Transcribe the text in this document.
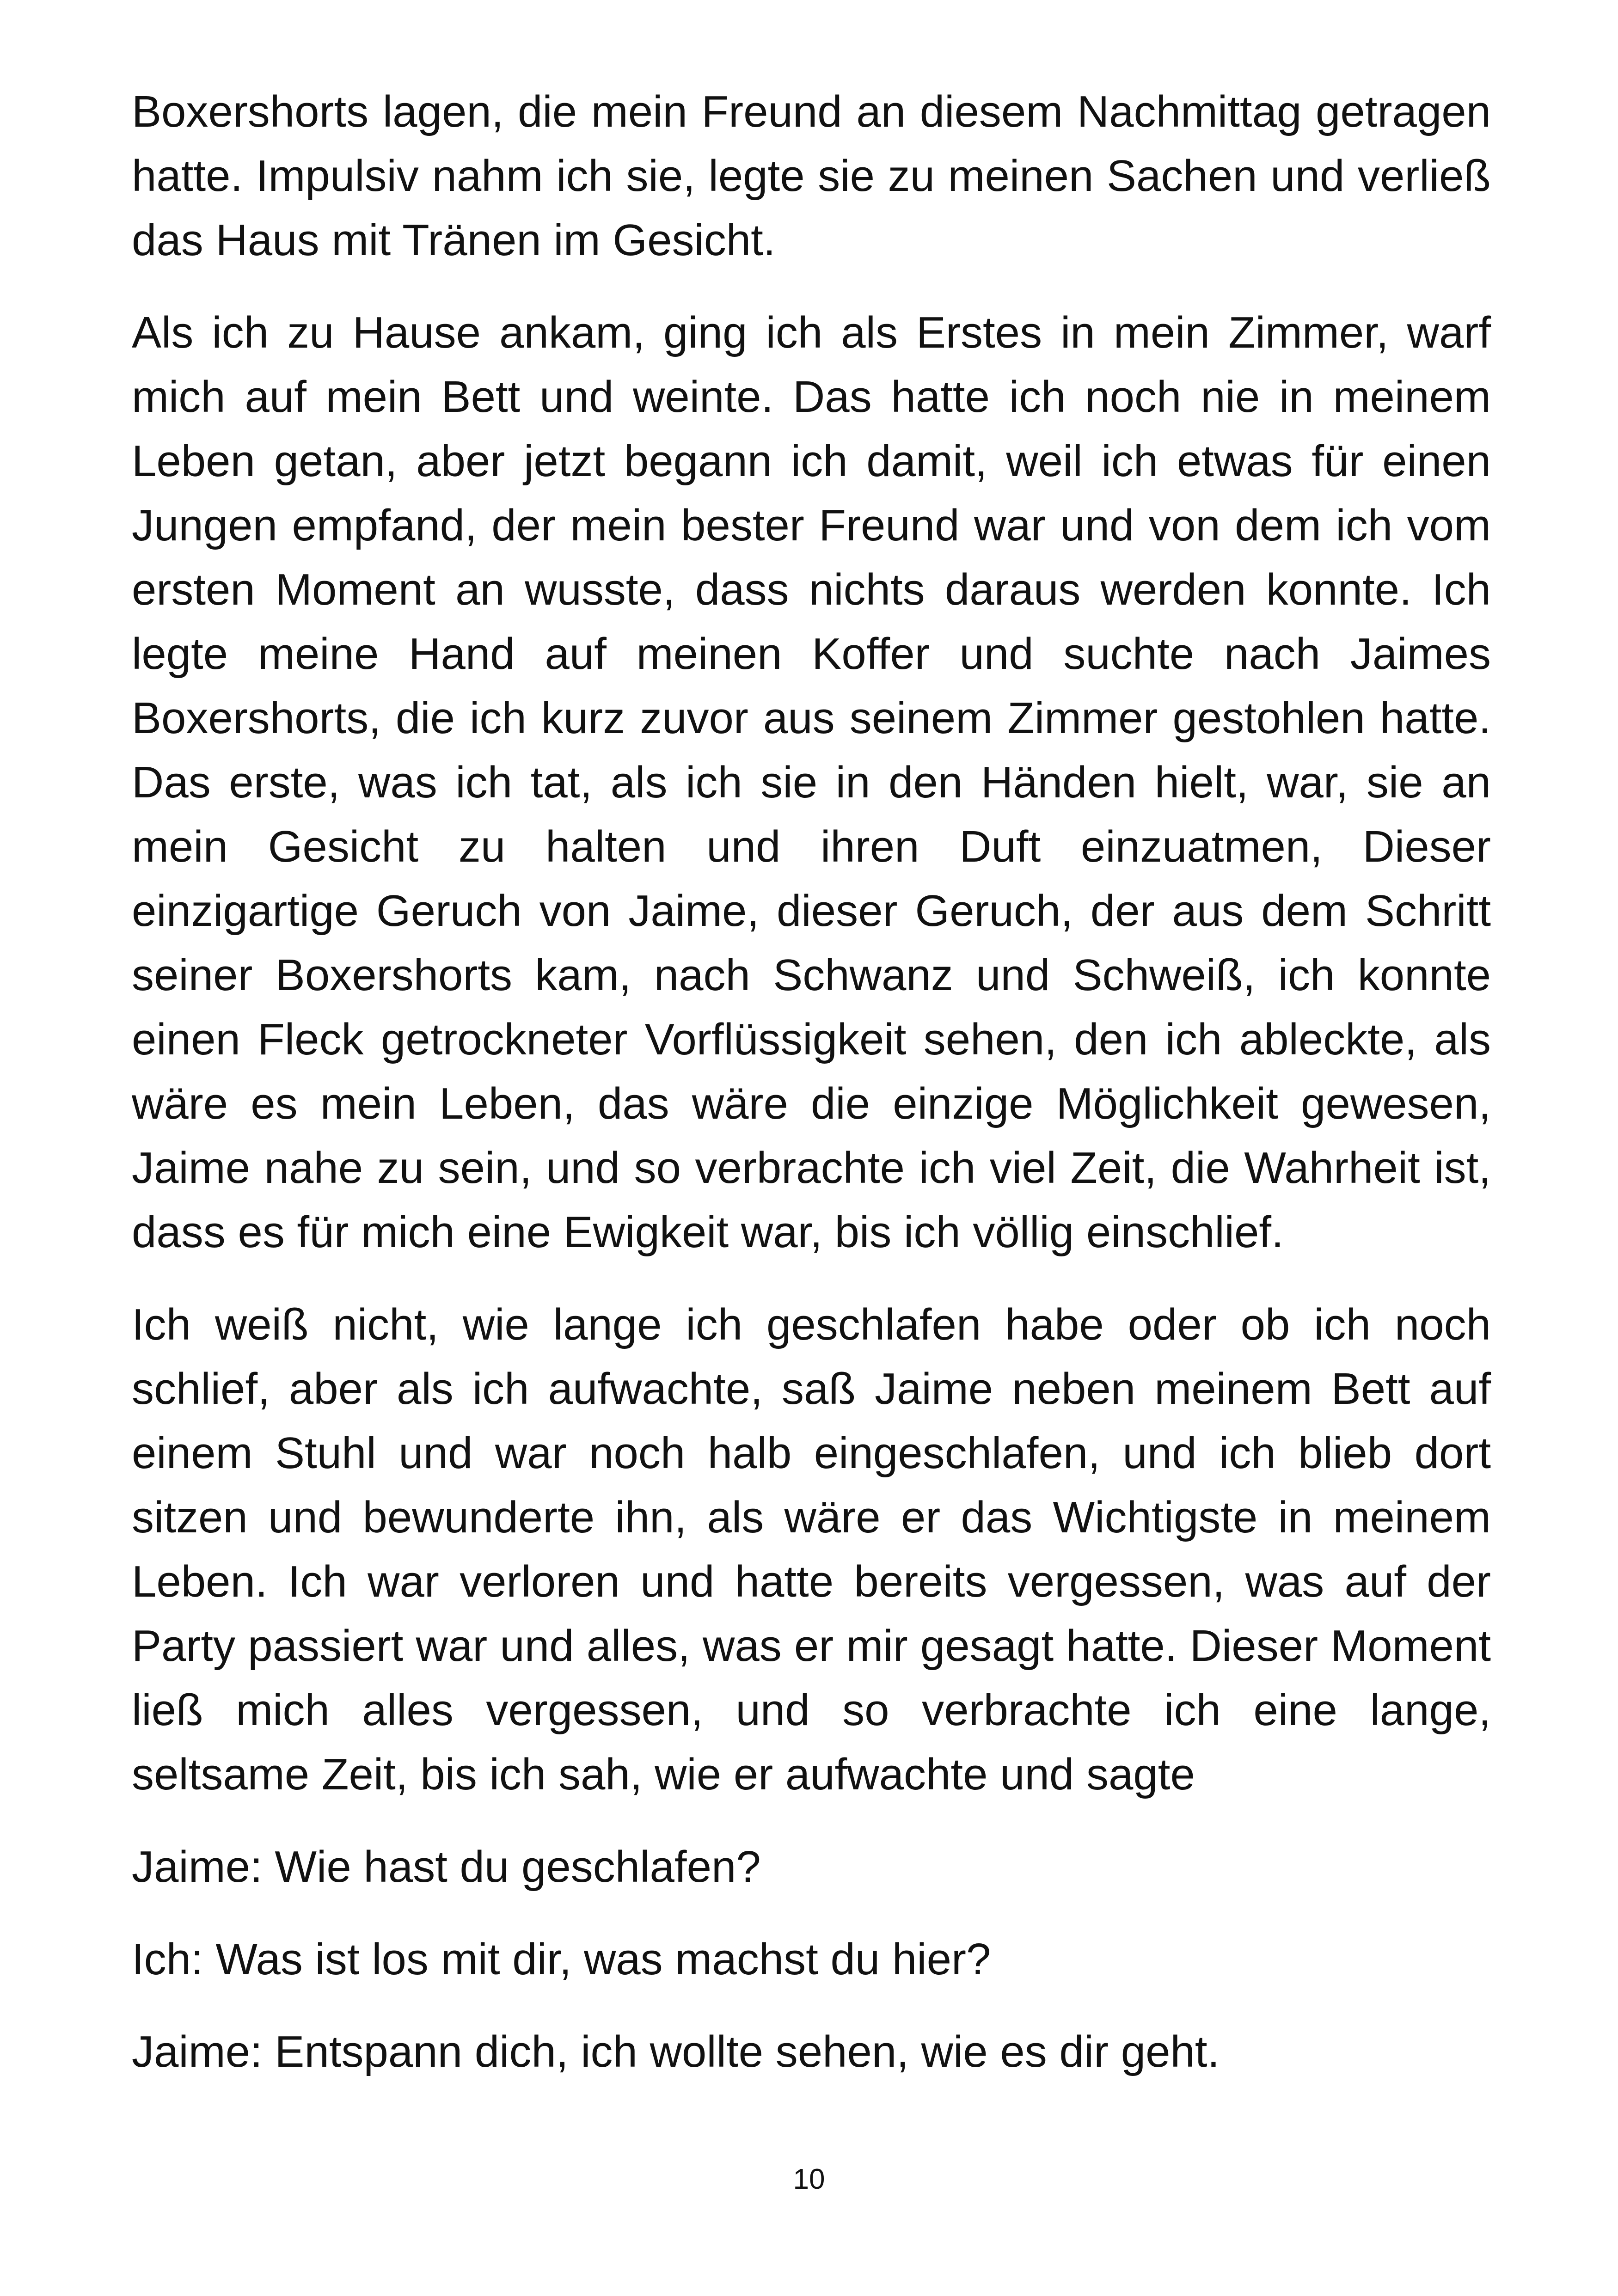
Boxershorts lagen, die mein Freund an diesem Nachmittag getragen hatte. Impulsiv nahm ich sie, legte sie zu meinen Sachen und verließ das Haus mit Tränen im Gesicht.

Als ich zu Hause ankam, ging ich als Erstes in mein Zimmer, warf mich auf mein Bett und weinte. Das hatte ich noch nie in meinem Leben getan, aber jetzt begann ich damit, weil ich etwas für einen Jungen empfand, der mein bester Freund war und von dem ich vom ersten Moment an wusste, dass nichts daraus werden konnte. Ich legte meine Hand auf meinen Koffer und suchte nach Jaimes Boxershorts, die ich kurz zuvor aus seinem Zimmer gestohlen hatte. Das erste, was ich tat, als ich sie in den Händen hielt, war, sie an mein Gesicht zu halten und ihren Duft einzuatmen, Dieser einzigartige Geruch von Jaime, dieser Geruch, der aus dem Schritt seiner Boxershorts kam, nach Schwanz und Schweiß, ich konnte einen Fleck getrockneter Vorflüssigkeit sehen, den ich ableckte, als wäre es mein Leben, das wäre die einzige Möglichkeit gewesen, Jaime nahe zu sein, und so verbrachte ich viel Zeit, die Wahrheit ist, dass es für mich eine Ewigkeit war, bis ich völlig einschlief.

Ich weiß nicht, wie lange ich geschlafen habe oder ob ich noch schlief, aber als ich aufwachte, saß Jaime neben meinem Bett auf einem Stuhl und war noch halb eingeschlafen, und ich blieb dort sitzen und bewunderte ihn, als wäre er das Wichtigste in meinem Leben. Ich war verloren und hatte bereits vergessen, was auf der Party passiert war und alles, was er mir gesagt hatte. Dieser Moment ließ mich alles vergessen, und so verbrachte ich eine lange, seltsame Zeit, bis ich sah, wie er aufwachte und sagte

Jaime: Wie hast du geschlafen?

Ich: Was ist los mit dir, was machst du hier?

Jaime: Entspann dich, ich wollte sehen, wie es dir geht.

10
